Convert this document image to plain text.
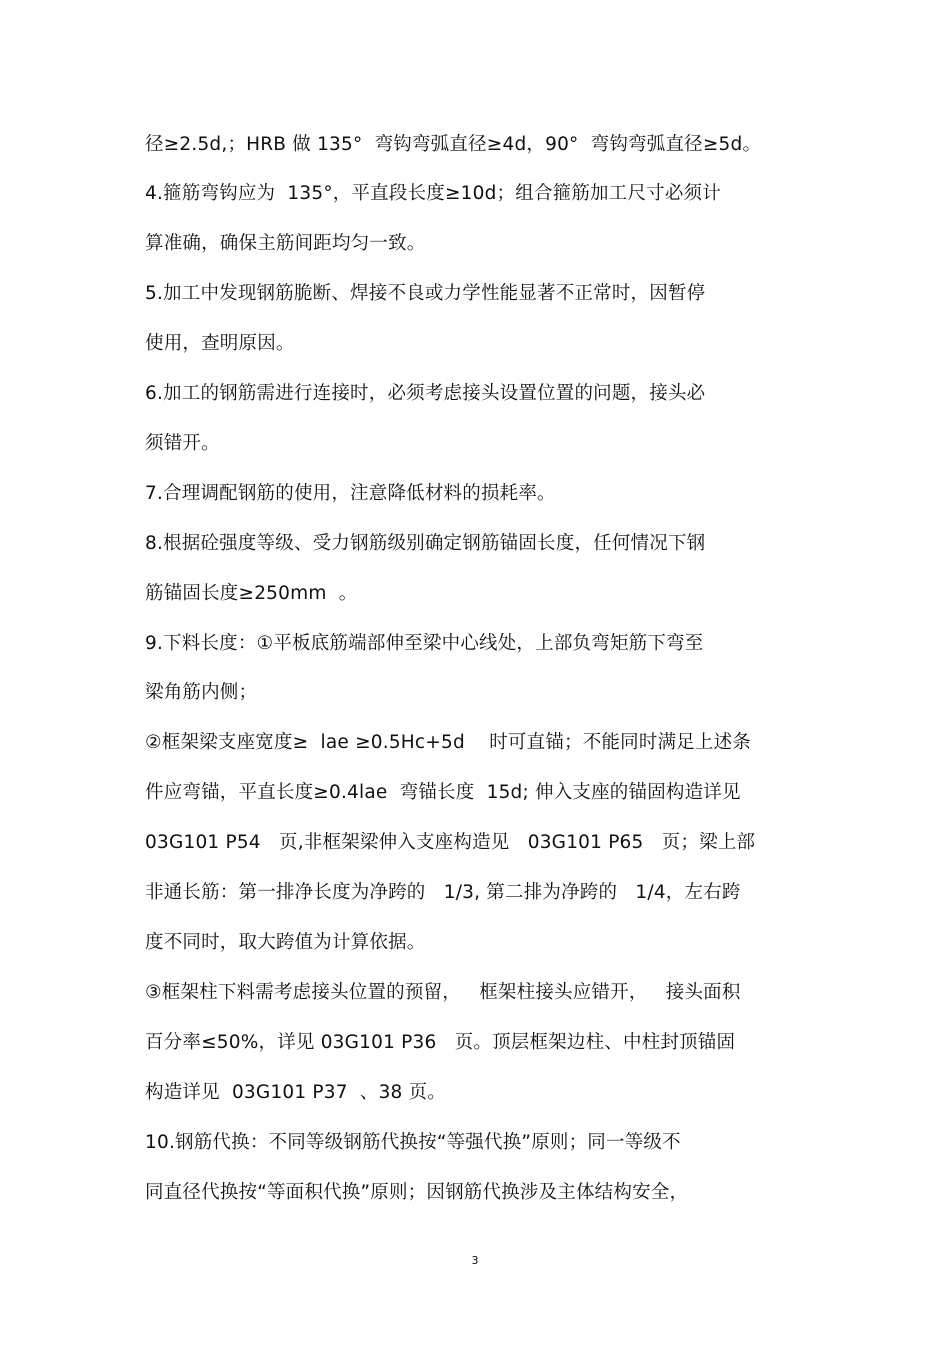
径≥2.5d,；HRB 做 135°  弯钩弯弧直径≥4d，90°  弯钩弯弧直径≥5d。
4.箍筋弯钩应为  135°，平直段长度≥10d；组合箍筋加工尺寸必须计
算准确，确保主筋间距均匀一致。
5.加工中发现钢筋脆断、焊接不良或力学性能显著不正常时，因暂停
使用，查明原因。
6.加工的钢筋需进行连接时，必须考虑接头设置位置的问题，接头必
须错开。
7.合理调配钢筋的使用，注意降低材料的损耗率。
8.根据砼强度等级、受力钢筋级别确定钢筋锚固长度，任何情况下钢
筋锚固长度≥250mm  。
9.下料长度：①平板底筋端部伸至梁中心线处，上部负弯矩筋下弯至
梁角筋内侧；
②框架梁支座宽度≥  lae ≥0.5Hc+5d    时可直锚；不能同时满足上述条
件应弯锚，平直长度≥0.4lae  弯锚长度  15d; 伸入支座的锚固构造详见
03G101 P54   页,非框架梁伸入支座构造见   03G101 P65   页；梁上部
非通长筋：第一排净长度为净跨的   1/3, 第二排为净跨的   1/4，左右跨
度不同时，取大跨值为计算依据。
③框架柱下料需考虑接头位置的预留，   框架柱接头应错开，   接头面积
百分率≤50%，详见 03G101 P36   页。顶层框架边柱、中柱封顶锚固
构造详见  03G101 P37  、38 页。
10.钢筋代换：不同等级钢筋代换按“等强代换”原则；同一等级不
同直径代换按“等面积代换”原则；因钢筋代换涉及主体结构安全，
3
